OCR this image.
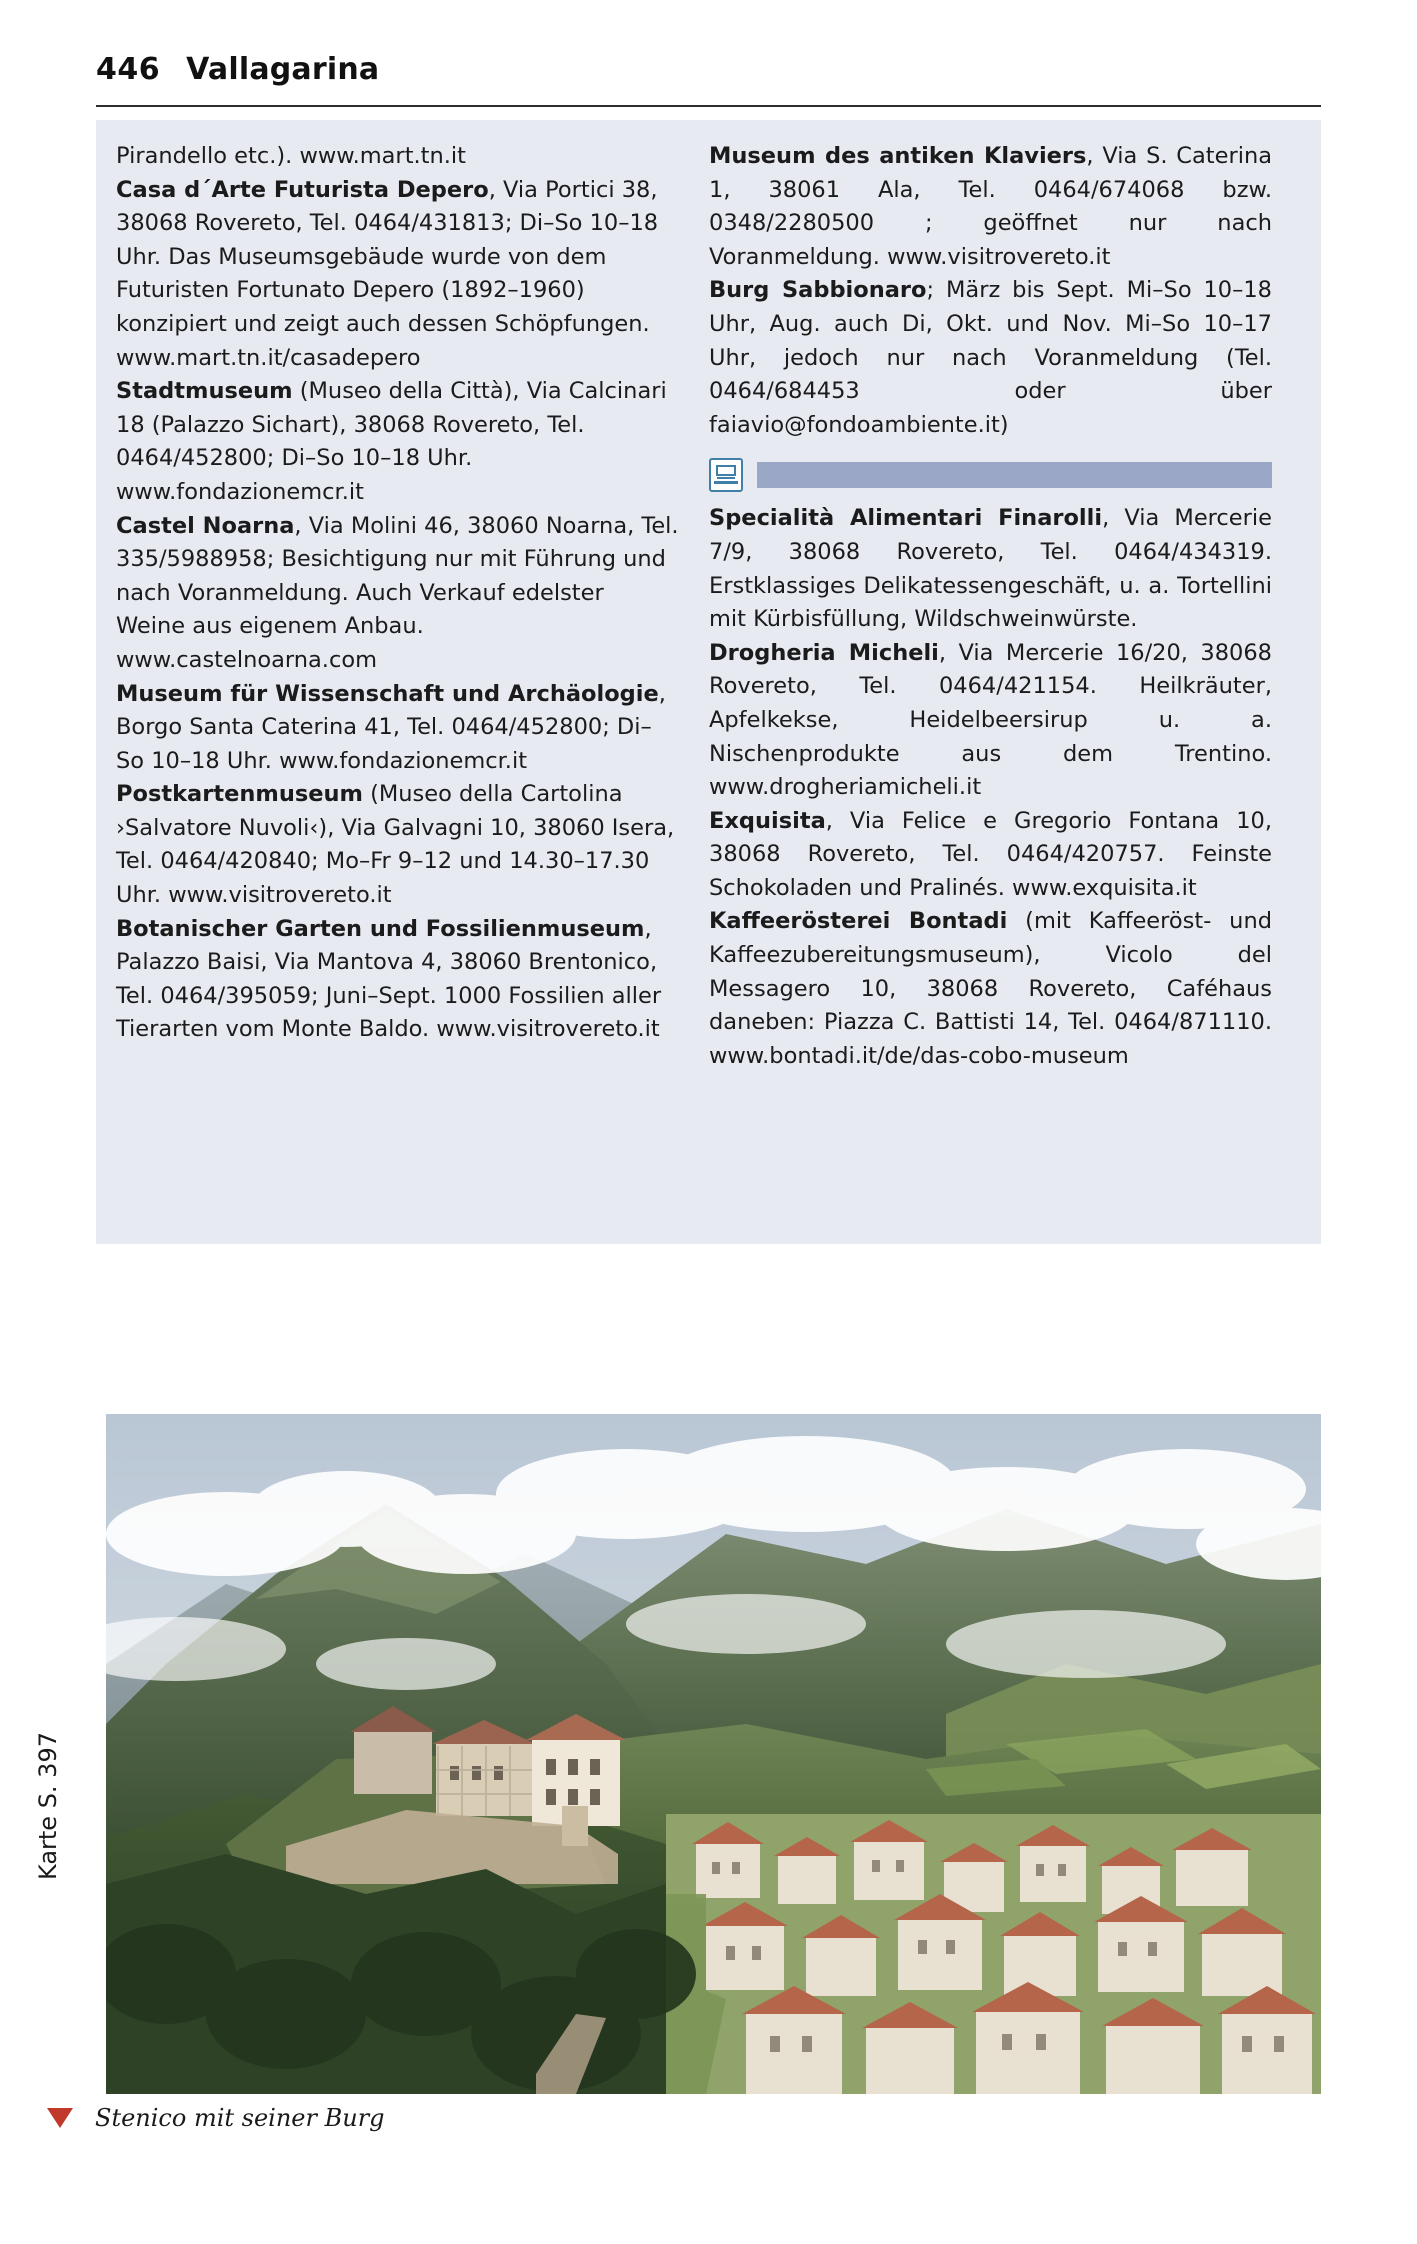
446 Vallagarina

Pirandello etc.). www.mart.tn.it

Casa d´Arte Futurista Depero, Via Portici 38, 38068 Rovereto, Tel. 0464/431813; Di–So 10–18 Uhr. Das Museumsgebäude wurde von dem Futuristen Fortunato Depero (1892–1960) konzipiert und zeigt auch dessen Schöpfungen. www.mart.tn.it/casadepero

Stadtmuseum (Museo della Città), Via Calcinari 18 (Palazzo Sichart), 38068 Rovereto, Tel. 0464/452800; Di–So 10–18 Uhr. www.fondazionemcr.it

Castel Noarna, Via Molini 46, 38060 Noarna, Tel. 335/5988958; Besichtigung nur mit Führung und nach Voranmeldung. Auch Verkauf edelster Weine aus eigenem Anbau. www.castelnoarna.com

Museum für Wissenschaft und Archäologie, Borgo Santa Caterina 41, Tel. 0464/452800; Di–So 10–18 Uhr. www.fondazionemcr.it

Postkartenmuseum (Museo della Cartolina ›Salvatore Nuvoli‹), Via Galvagni 10, 38060 Isera, Tel. 0464/420840; Mo–Fr 9–12 und 14.30–17.30 Uhr. www.visitrovereto.it

Botanischer Garten und Fossilienmuseum, Palazzo Baisi, Via Mantova 4, 38060 Brentonico, Tel. 0464/395059; Juni–Sept. 1000 Fossilien aller Tierarten vom Monte Baldo. www.visitrovereto.it

Museum des antiken Klaviers, Via S. Caterina 1, 38061 Ala, Tel. 0464/674068 bzw. 0348/2280500 ; geöffnet nur nach Voranmeldung. www.visitrovereto.it

Burg Sabbionaro; März bis Sept. Mi–So 10–18 Uhr, Aug. auch Di, Okt. und Nov. Mi–So 10–17 Uhr, jedoch nur nach Voranmeldung (Tel. 0464/684453 oder über faiavio@fondoambiente.it)

Specialità Alimentari Finarolli, Via Mercerie 7/9, 38068 Rovereto, Tel. 0464/434319. Erstklassiges Delikatessengeschäft, u. a. Tortellini mit Kürbisfüllung, Wildschweinwürste.

Drogheria Micheli, Via Mercerie 16/20, 38068 Rovereto, Tel. 0464/421154. Heilkräuter, Apfelkekse, Heidelbeersirup u. a. Nischenprodukte aus dem Trentino. www.drogheriamicheli.it

Exquisita, Via Felice e Gregorio Fontana 10, 38068 Rovereto, Tel. 0464/420757. Feinste Schokoladen und Pralinés. www.exquisita.it

Kaffeerösterei Bontadi (mit Kaffeeröst- und Kaffeezubereitungsmuseum), Vicolo del Messagero 10, 38068 Rovereto, Caféhaus daneben: Piazza C. Battisti 14, Tel. 0464/871110. www.bontadi.it/de/das-cobo-museum

Stenico mit seiner Burg
Karte S. 397
